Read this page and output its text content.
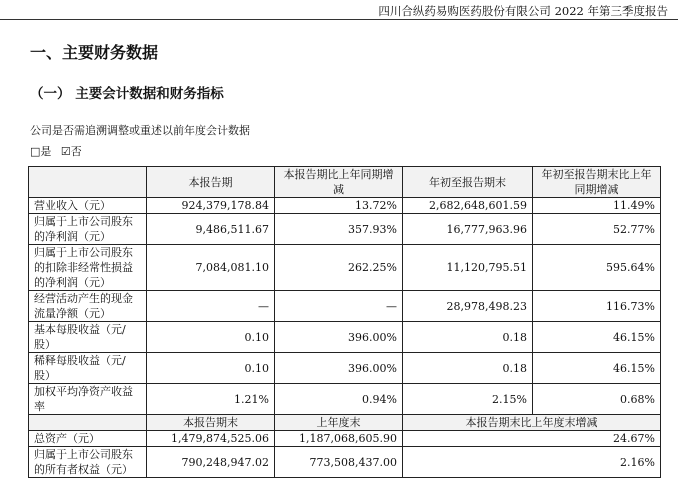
四川合纵药易购医药股份有限公司 2022 年第三季度报告
一、主要财务数据
（一） 主要会计数据和财务指标
公司是否需追溯调整或重述以前年度会计数据
□是 ☑否
	本报告期	本报告期比上年同期增减	年初至报告期末	年初至报告期末比上年同期增减
营业收入（元）	924,379,178.84	13.72%	2,682,648,601.59	11.49%
归属于上市公司股东的净利润（元）	9,486,511.67	357.93%	16,777,963.96	52.77%
归属于上市公司股东的扣除非经常性损益的净利润（元）	7,084,081.10	262.25%	11,120,795.51	595.64%
经营活动产生的现金流量净额（元）	—	—	28,978,498.23	116.73%
基本每股收益（元/股）	0.10	396.00%	0.18	46.15%
稀释每股收益（元/股）	0.10	396.00%	0.18	46.15%
加权平均净资产收益率	1.21%	0.94%	2.15%	0.68%
	本报告期末	上年度末	本报告期末比上年度末增减	
总资产（元）	1,479,874,525.06	1,187,068,605.90	24.67%	
归属于上市公司股东的所有者权益（元）	790,248,947.02	773,508,437.00	2.16%	
